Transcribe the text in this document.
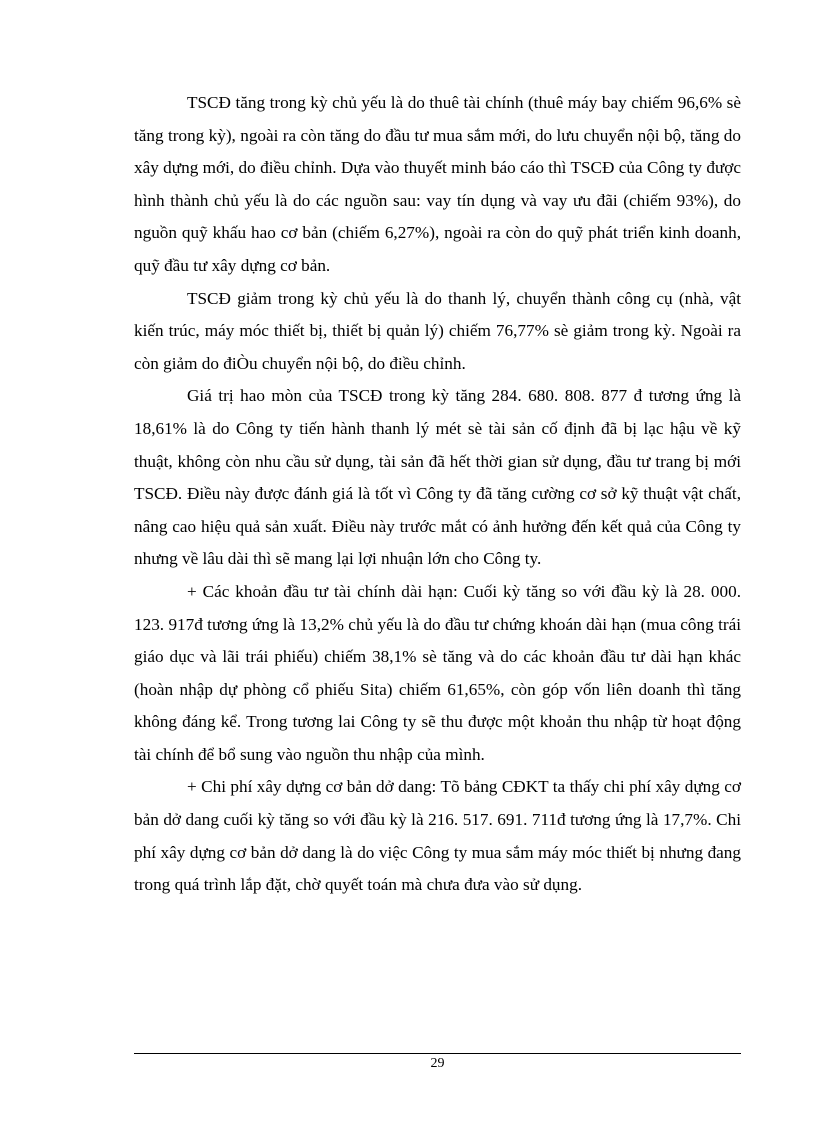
TSCĐ tăng trong kỳ chủ yếu là do thuê tài chính (thuê máy bay chiếm 96,6% sè tăng trong kỳ), ngoài ra còn tăng do đầu tư mua sắm mới, do lưu chuyển nội bộ, tăng do xây dựng mới, do điều chỉnh. Dựa vào thuyết minh báo cáo thì TSCĐ của Công ty được hình thành chủ yếu là do các nguồn sau: vay tín dụng và vay ưu đãi (chiếm 93%), do nguồn quỹ khấu hao cơ bản (chiếm 6,27%), ngoài ra còn do quỹ phát triển kinh doanh, quỹ đầu tư xây dựng cơ bản.

TSCĐ giảm trong kỳ chủ yếu là do thanh lý, chuyển thành công cụ (nhà, vật kiến trúc, máy móc thiết bị, thiết bị quản lý) chiếm 76,77% sè giảm trong kỳ. Ngoài ra còn giảm do điÒu chuyển nội bộ, do điều chỉnh.

Giá trị hao mòn của TSCĐ trong kỳ tăng 284. 680. 808. 877 đ tương ứng là 18,61% là do Công ty tiến hành thanh lý mét sè tài sản cố định đã bị lạc hậu về kỹ thuật, không còn nhu cầu sử dụng, tài sản đã hết thời gian sử dụng, đầu tư trang bị mới TSCĐ. Điều này được đánh giá là tốt vì Công ty đã tăng cường cơ sở kỹ thuật vật chất, nâng cao hiệu quả sản xuất. Điều này trước mắt có ảnh hưởng đến kết quả của Công ty nhưng về lâu dài thì sẽ mang lại lợi nhuận lớn cho Công ty.

+ Các khoản đầu tư tài chính dài hạn: Cuối kỳ tăng so với đầu kỳ là 28. 000. 123. 917đ tương ứng là 13,2% chủ yếu là do đầu tư chứng khoán dài hạn (mua công trái giáo dục và lãi trái phiếu) chiếm 38,1% sè tăng và do các khoản đầu tư dài hạn khác (hoàn nhập dự phòng cổ phiếu Sita) chiếm 61,65%, còn góp vốn liên doanh thì tăng không đáng kể. Trong tương lai Công ty sẽ thu được một khoản thu nhập từ hoạt động tài chính để bổ sung vào nguồn thu nhập của mình.

+ Chi phí xây dựng cơ bản dở dang: Tõ bảng CĐKT ta thấy chi phí xây dựng cơ bản dở dang cuối kỳ tăng so với đầu kỳ là 216. 517. 691. 711đ tương ứng là 17,7%. Chi phí xây dựng cơ bản dở dang là do việc Công ty mua sắm máy móc thiết bị nhưng đang trong quá trình lắp đặt, chờ quyết toán mà chưa đưa vào sử dụng.

29
